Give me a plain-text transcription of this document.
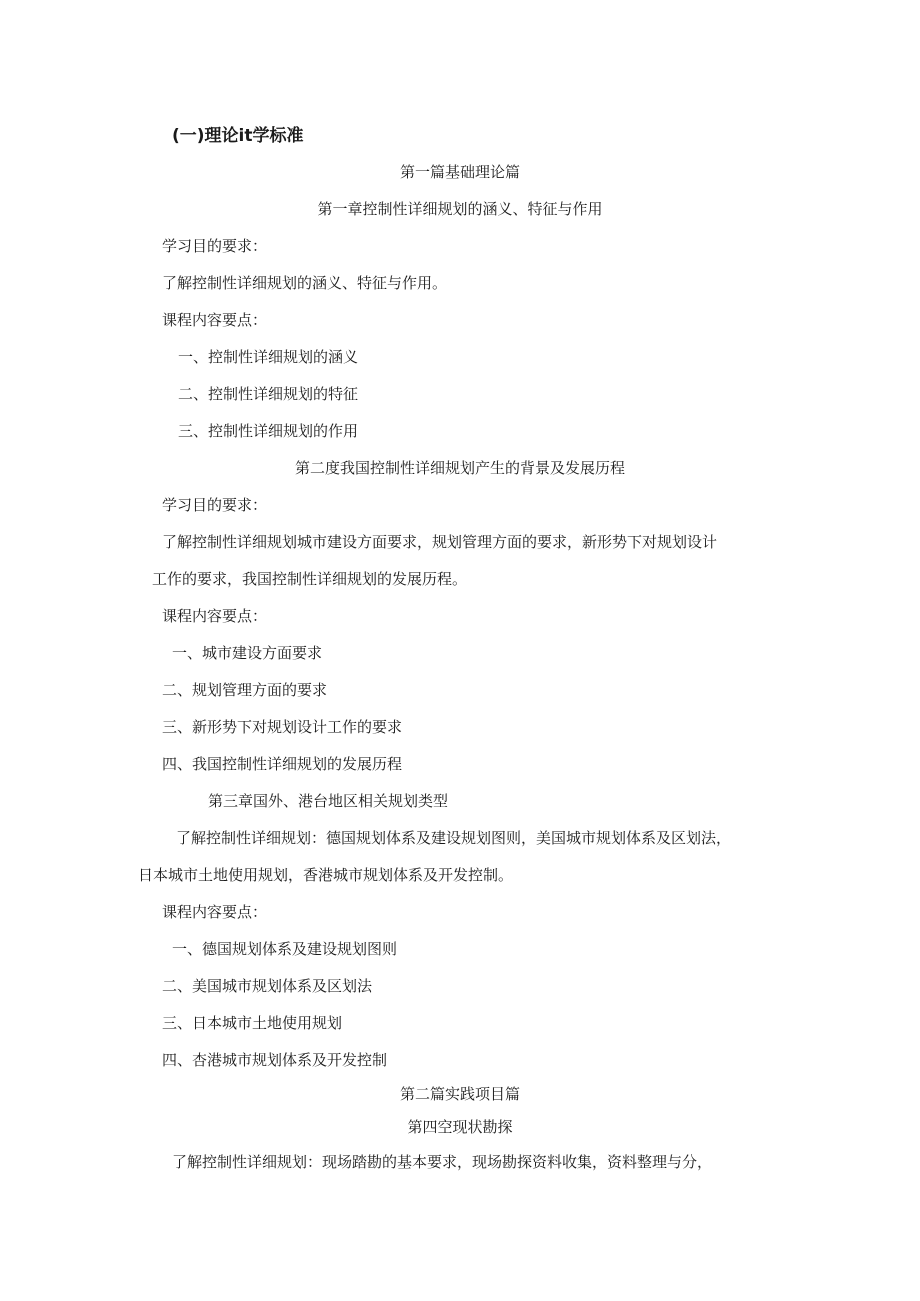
(一)理论it学标准
第一篇基础理论篇
第一章控制性详细规划的涵义、特征与作用
学习目的要求：
了解控制性详细规划的涵义、特征与作用。
课程内容要点：
一、控制性详细规划的涵义
二、控制性详细规划的特征
三、控制性详细规划的作用
第二度我国控制性详细规划产生的背景及发展历程
学习目的要求：
了解控制性详细规划城市建设方面要求，规划管理方面的要求，新形势下对规划设计
工作的要求，我国控制性详细规划的发展历程。
课程内容要点：
一、城市建设方面要求
二、规划管理方面的要求
三、新形势下对规划设计工作的要求
四、我国控制性详细规划的发展历程
第三章国外、港台地区相关规划类型
了解控制性详细规划：德国规划体系及建设规划图则，美国城市规划体系及区划法，
日本城市土地使用规划，香港城市规划体系及开发控制。
课程内容要点：
一、德国规划体系及建设规划图则
二、美国城市规划体系及区划法
三、日本城市土地使用规划
四、杏港城市规划体系及开发控制
第二篇实践项目篇
第四空现状勘探
了解控制性详细规划：现场踏勘的基本要求，现场勘探资料收集，资料整理与分，
